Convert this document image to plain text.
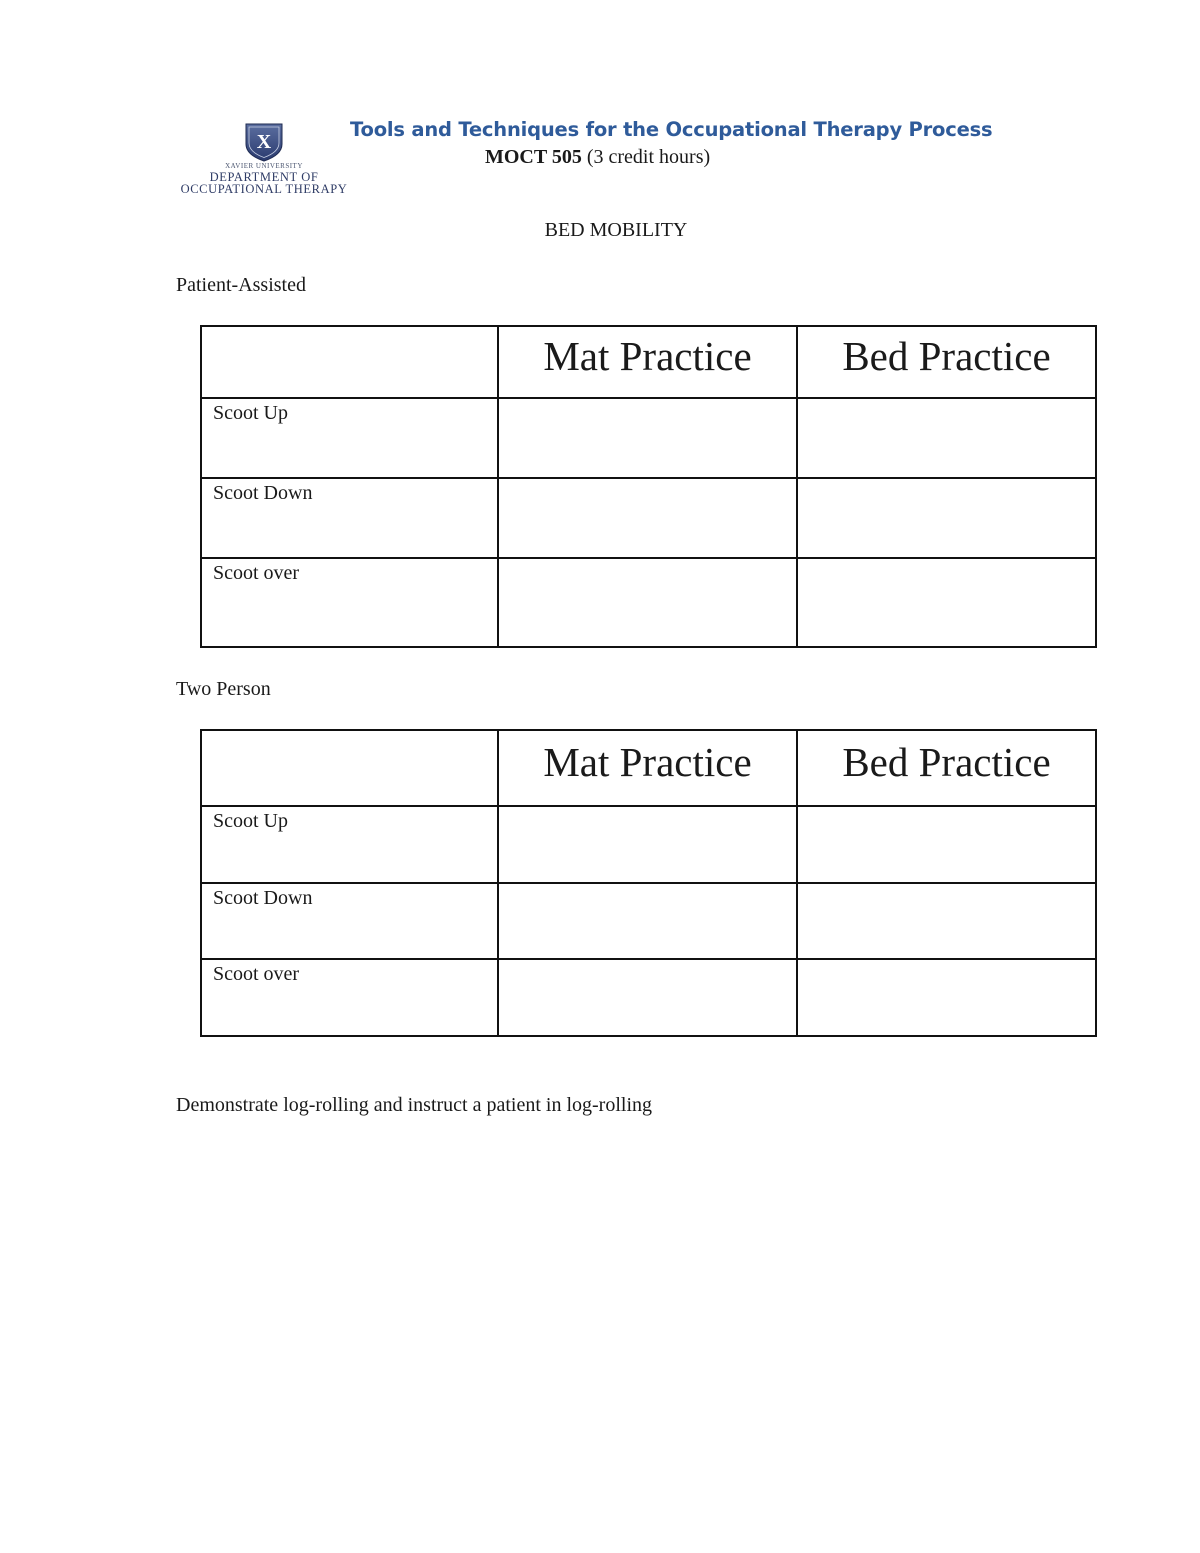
X
XAVIER UNIVERSITY
DEPARTMENT OF
OCCUPATIONAL THERAPY
Tools and Techniques for the Occupational Therapy Process
MOCT 505 (3 credit hours)
BED MOBILITY
Patient-Assisted
	Mat Practice	Bed Practice
Scoot Up		
Scoot Down		
Scoot over		
Two Person
	Mat Practice	Bed Practice
Scoot Up		
Scoot Down		
Scoot over		
Demonstrate log-rolling and instruct a patient in log-rolling
